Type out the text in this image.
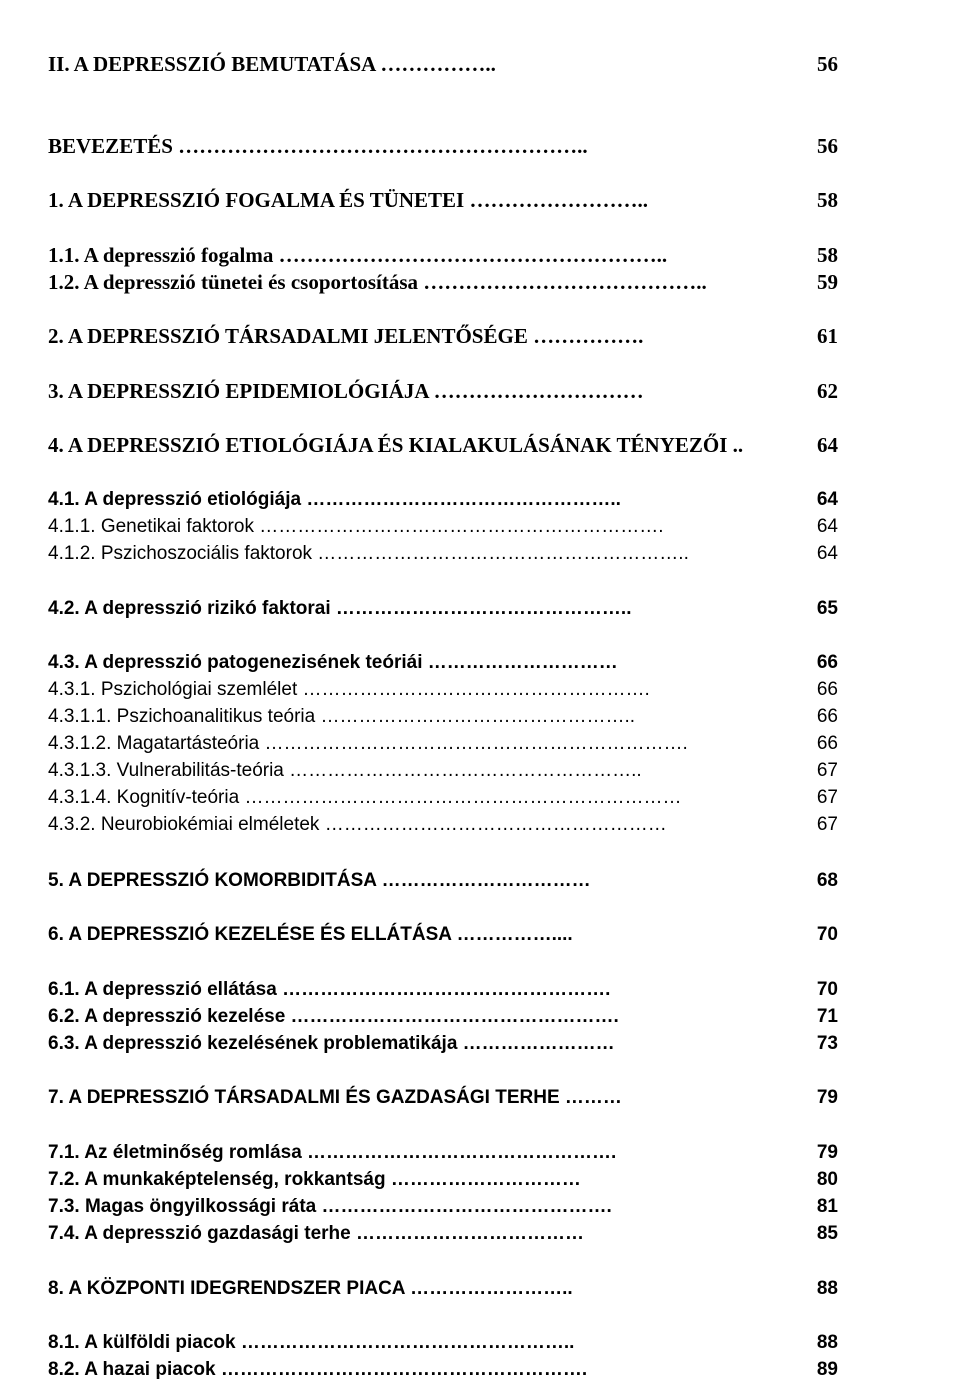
II. A DEPRESSZIÓ BEMUTATÁSA ……………..	56
BEVEZETÉS …………………………………………………..	56
1. A DEPRESSZIÓ FOGALMA ÉS TÜNETEI ……………………..	58
1.1. A depresszió fogalma ………………………………………………..	58
1.2. A depresszió tünetei és csoportosítása …………………………………..	59
2. A DEPRESSZIÓ TÁRSADALMI JELENTŐSÉGE …………….	61
3. A DEPRESSZIÓ EPIDEMIOLÓGIÁJA …………………………	62
4. A DEPRESSZIÓ ETIOLÓGIÁJA ÉS KIALAKULÁSÁNAK TÉNYEZŐI ..	64
4.1. A depresszió etiológiája …………………………………………..	64
4.1.1. Genetikai faktorok ……………………………………………………….	64
4.1.2. Pszichoszociális faktorok …………………………………………………..	64
4.2. A depresszió rizikó faktorai ………………………………………..	65
4.3. A depresszió patogenezisének teóriái …………………………	66
4.3.1. Pszichológiai szemlélet ……………………………………………….	66
4.3.1.1. Pszichoanalitikus teória …………………………………………..	66
4.3.1.2. Magatartásteória ………………………………………………………….	66
4.3.1.3. Vulnerabilitás-teória ………………………………………………..	67
4.3.1.4. Kognitív-teória ……………………………………………………………	67
4.3.2. Neurobiokémiai elméletek ………………………………………………	67
5. A DEPRESSZIÓ KOMORBIDITÁSA ……………………………	68
6. A DEPRESSZIÓ KEZELÉSE ÉS ELLÁTÁSA ……………....	70
6.1. A depresszió ellátása …………………………………………….	70
6.2. A depresszió kezelése …………………………………………….	71
6.3. A depresszió kezelésének problematikája ……………………	73
7. A DEPRESSZIÓ TÁRSADALMI ÉS GAZDASÁGI TERHE ………	79
7.1. Az életminőség romlása ………………………………………….	79
7.2. A munkaképtelenség, rokkantság …………………………	80
7.3. Magas öngyilkossági ráta ……………………………………….	81
7.4. A depresszió gazdasági terhe ………………………………	85
8. A KÖZPONTI IDEGRENDSZER PIACA ……………………..	88
8.1. A külföldi piacok ……………………………………………..	88
8.2. A hazai piacok ………………………………………………….	89
